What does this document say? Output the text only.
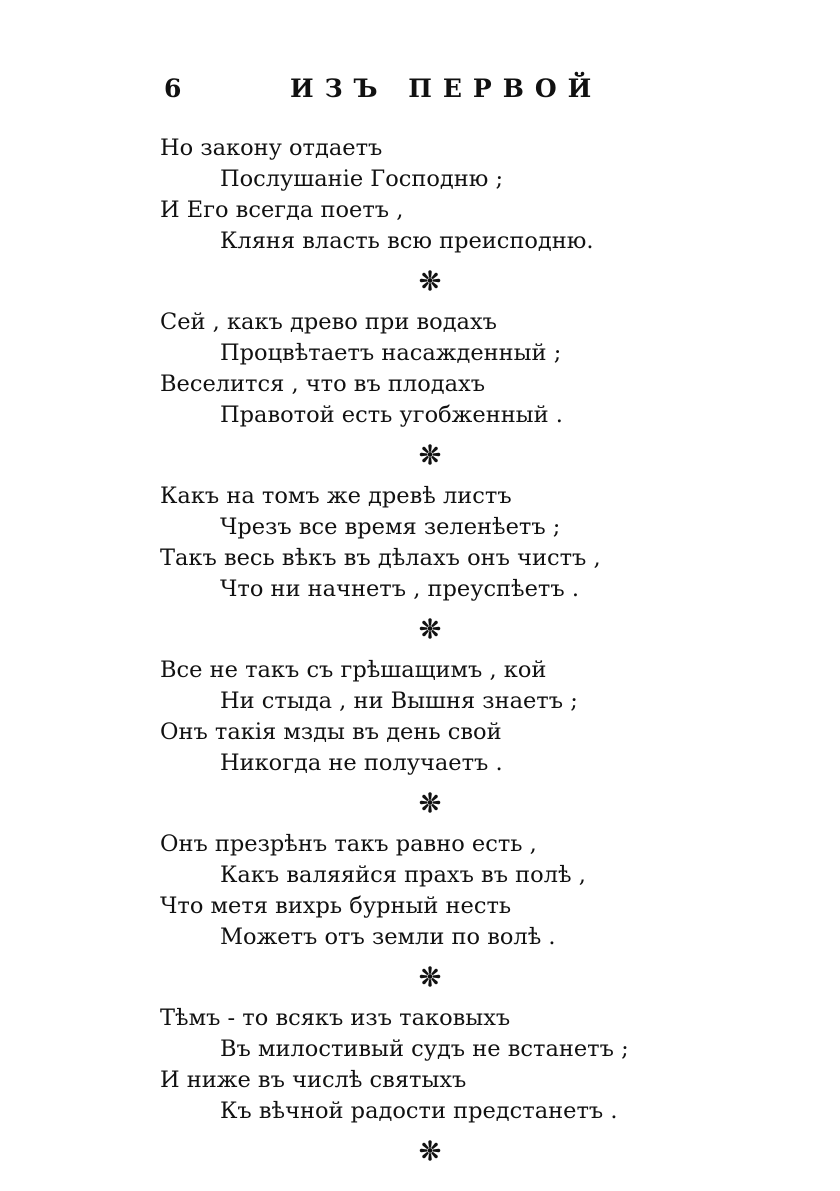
6	ИЗЪ ПЕРВОЙ
Но закону отдаетъ
Послушаніе Господню ;
И Его всегда поетъ ,
Кляня власть всю преисподню.
❊
Сей , какъ древо при водахъ
Процвѣтаетъ насажденный ;
Веселится , что въ плодахъ
Правотой есть угобженный .
❊
Какъ на томъ же древѣ листъ
Чрезъ все время зеленѣетъ ;
Такъ весь вѣкъ въ дѣлахъ онъ чистъ ,
Что ни начнетъ , преуспѣетъ .
❊
Все не такъ съ грѣшащимъ , кой
Ни стыда , ни Вышня знаетъ ;
Онъ такія мзды въ день свой
Никогда не получаетъ .
❊
Онъ презрѣнъ такъ равно есть ,
Какъ валяяйся прахъ въ полѣ ,
Что метя вихрь бурный несть
Можетъ отъ земли по волѣ .
❊
Тѣмъ - то всякъ изъ таковыхъ
Въ милостивый судъ не встанетъ ;
И ниже въ числѣ святыхъ
Къ вѣчной радости предстанетъ .
❊
